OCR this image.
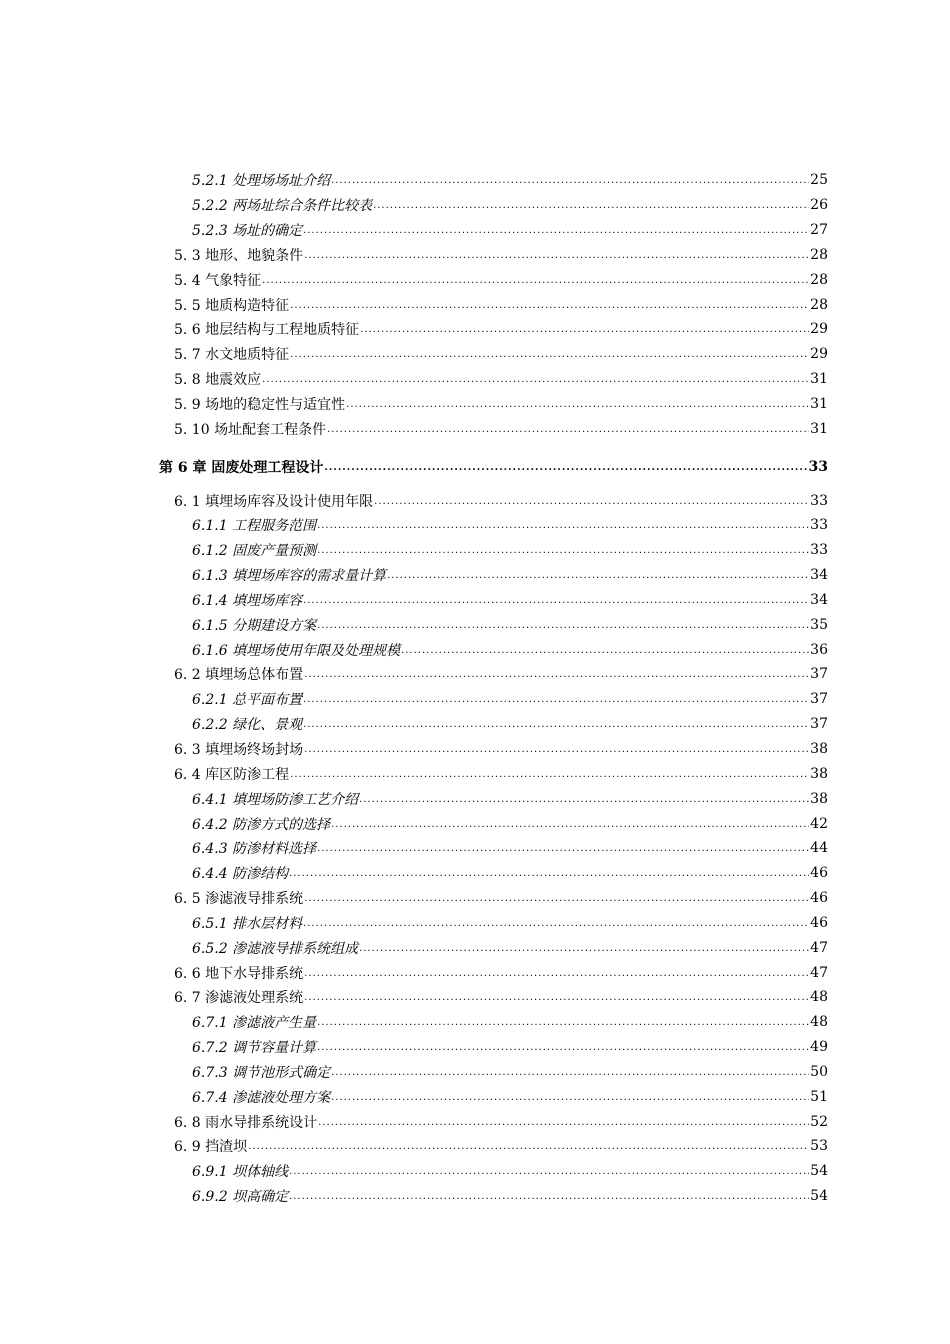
5.2.1 处理场场址介绍 .....	25
5.2.2 两场址综合条件比较表 .....	26
5.2.3 场址的确定 .....	27
5. 3 地形、地貌条件 .....	28
5. 4 气象特征 .....	28
5. 5 地质构造特征 .....	28
5. 6 地层结构与工程地质特征 .....	29
5. 7 水文地质特征 .....	29
5. 8 地震效应 .....	31
5. 9 场地的稳定性与适宜性 .....	31
5. 10 场址配套工程条件 .....	31
第 6 章 固废处理工程设计 .....	33
6. 1 填埋场库容及设计使用年限 .....	33
6.1.1 工程服务范围 .....	33
6.1.2 固废产量预测 .....	33
6.1.3 填埋场库容的需求量计算 .....	34
6.1.4 填埋场库容 .....	34
6.1.5 分期建设方案 .....	35
6.1.6 填埋场使用年限及处理规模 .....	36
6. 2 填埋场总体布置 .....	37
6.2.1 总平面布置 .....	37
6.2.2 绿化、景观 .....	37
6. 3 填埋场终场封场 .....	38
6. 4 库区防渗工程 .....	38
6.4.1 填埋场防渗工艺介绍 .....	38
6.4.2 防渗方式的选择 .....	42
6.4.3 防渗材料选择 .....	44
6.4.4 防渗结构 .....	46
6. 5 渗滤液导排系统 .....	46
6.5.1 排水层材料 .....	46
6.5.2 渗滤液导排系统组成 .....	47
6. 6 地下水导排系统 .....	47
6. 7 渗滤液处理系统 .....	48
6.7.1 渗滤液产生量 .....	48
6.7.2 调节容量计算 .....	49
6.7.3 调节池形式确定 .....	50
6.7.4 渗滤液处理方案 .....	51
6. 8 雨水导排系统设计 .....	52
6. 9 挡渣坝 .....	53
6.9.1 坝体轴线 .....	54
6.9.2 坝高确定 .....	54
